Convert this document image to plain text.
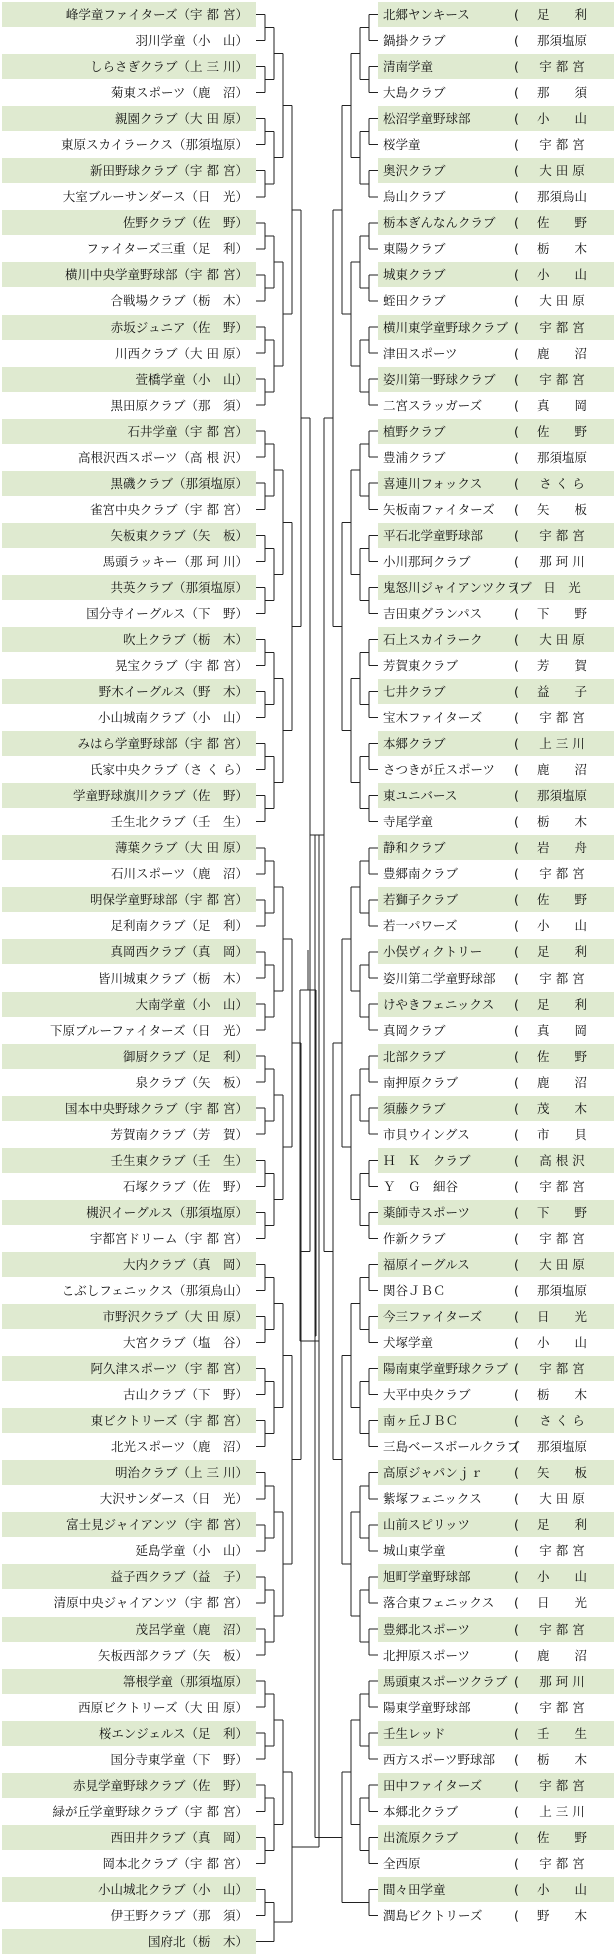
峰学童ファイターズ（宇 都 宮）
羽川学童（小　山）
しらさぎクラブ（上 三 川）
菊東スポーツ（鹿　沼）
親園クラブ（大 田 原）
東原スカイラークス（那須塩原）
新田野球クラブ（宇 都 宮）
大室ブルーサンダース（日　光）
佐野クラブ（佐　野）
ファイターズ三重（足　利）
横川中央学童野球部（宇 都 宮）
合戦場クラブ（栃　木）
赤坂ジュニア（佐　野）
川西クラブ（大 田 原）
萱橋学童（小　山）
黒田原クラブ（那　須）
石井学童（宇 都 宮）
高根沢西スポーツ（高 根 沢）
黒磯クラブ（那須塩原）
雀宮中央クラブ（宇 都 宮）
矢板東クラブ（矢　板）
馬頭ラッキー（那 珂 川）
共英クラブ（那須塩原）
国分寺イーグルス（下　野）
吹上クラブ（栃　木）
晃宝クラブ（宇 都 宮）
野木イーグルス（野　木）
小山城南クラブ（小　山）
みはら学童野球部（宇 都 宮）
氏家中央クラブ（さ く ら）
学童野球旗川クラブ（佐　野）
壬生北クラブ（壬　生）
薄葉クラブ（大 田 原）
石川スポーツ（鹿　沼）
明保学童野球部（宇 都 宮）
足利南クラブ（足　利）
真岡西クラブ（真　岡）
皆川城東クラブ（栃　木）
大南学童（小　山）
下原ブルーファイターズ（日　光）
御厨クラブ（足　利）
泉クラブ（矢　板）
国本中央野球クラブ（宇 都 宮）
芳賀南クラブ（芳　賀）
壬生東クラブ（壬　生）
石塚クラブ（佐　野）
槻沢イーグルス（那須塩原）
宇都宮ドリーム（宇 都 宮）
大内クラブ（真　岡）
こぶしフェニックス（那須烏山）
市野沢クラブ（大 田 原）
大宮クラブ（塩　谷）
阿久津スポーツ（宇 都 宮）
古山クラブ（下　野）
東ビクトリーズ（宇 都 宮）
北光スポーツ（鹿　沼）
明治クラブ（上 三 川）
大沢サンダース（日　光）
富士見ジャイアンツ（宇 都 宮）
延島学童（小　山）
益子西クラブ（益　子）
清原中央ジャイアンツ（宇 都 宮）
茂呂学童（鹿　沼）
矢板西部クラブ（矢　板）
箒根学童（那須塩原）
西原ビクトリーズ（大 田 原）
桜エンジェルス（足　利）
国分寺東学童（下　野）
赤見学童野球クラブ（佐　野）
緑が丘学童野球クラブ（宇 都 宮）
西田井クラブ（真　岡）
岡本北クラブ（宇 都 宮）
小山城北クラブ（小　山）
伊王野クラブ（那　須）
国府北（栃　木）
北郷ヤンキース	( 足　　利
)
鍋掛クラブ	( 那須塩原
)
清南学童	( 宇 都 宮
)
大島クラブ	( 那　　須
)
松沼学童野球部	( 小　　山
)
桜学童	( 宇 都 宮
)
奥沢クラブ	( 大 田 原
)
烏山クラブ	( 那須烏山
)
栃本ぎんなんクラブ	( 佐　　野
)
東陽クラブ	( 栃　　木
)
城東クラブ	( 小　　山
)
蛭田クラブ	( 大 田 原
)
横川東学童野球クラブ	( 宇 都 宮
)
津田スポーツ	( 鹿　　沼
)
姿川第一野球クラブ	( 宇 都 宮
)
二宮スラッガーズ	( 真　　岡
)
植野クラブ	( 佐　　野
)
豊浦クラブ	( 那須塩原
)
喜連川フォックス	( さ く ら
)
矢板南ファイターズ	( 矢　　板
)
平石北学童野球部	( 宇 都 宮
)
小川那珂クラブ	( 那 珂 川
)
鬼怒川ジャイアンツクラブ ( 日　光
)
吉田東グランパス	( 下　　野
)
石上スカイラーク	( 大 田 原
)
芳賀東クラブ	( 芳　　賀
)
七井クラブ	( 益　　子
)
宝木ファイターズ	( 宇 都 宮
)
本郷クラブ	( 上 三 川
)
さつきが丘スポーツ	( 鹿　　沼
)
東ユニバース	( 那須塩原
)
寺尾学童	( 栃　　木
)
静和クラブ	( 岩　　舟
)
豊郷南クラブ	( 宇 都 宮
)
若獅子クラブ	( 佐　　野
)
若一パワーズ	( 小　　山
)
小俣ヴィクトリー	( 足　　利
)
姿川第二学童野球部	( 宇 都 宮
)
けやきフェニックス	( 足　　利
)
真岡クラブ	( 真　　岡
)
北部クラブ	( 佐　　野
)
南押原クラブ	( 鹿　　沼
)
須藤クラブ	( 茂　　木
)
市貝ウイングス	( 市　　貝
)
Ｈ　Ｋ　クラブ	( 高 根 沢
)
Ｙ　Ｇ　細谷	( 宇 都 宮
)
薬師寺スポーツ	( 下　　野
)
作新クラブ	( 宇 都 宮
)
福原イーグルス	( 大 田 原
)
関谷ＪＢＣ	( 那須塩原
)
今三ファイターズ	( 日　　光
)
犬塚学童	( 小　　山
)
陽南東学童野球クラブ	( 宇 都 宮
)
大平中央クラブ	( 栃　　木
)
南ヶ丘ＪＢＣ	( さ く ら
)
三島ベースボールクラブ	( 那須塩原
)
高原ジャパンｊｒ	( 矢　　板
)
紫塚フェニックス	( 大 田 原
)
山前スピリッツ	( 足　　利
)
城山東学童	( 宇 都 宮
)
旭町学童野球部	( 小　　山
)
落合東フェニックス	( 日　　光
)
豊郷北スポーツ	( 宇 都 宮
)
北押原スポーツ	( 鹿　　沼
)
馬頭東スポーツクラブ	( 那 珂 川
)
陽東学童野球部	( 宇 都 宮
)
壬生レッド	( 壬　　生
)
西方スポーツ野球部	( 栃　　木
)
田中ファイターズ	( 宇 都 宮
)
本郷北クラブ	( 上 三 川
)
出流原クラブ	( 佐　　野
)
全西原	( 宇 都 宮
)
間々田学童	( 小　　山
)
潤島ビクトリーズ	( 野　　木
)
